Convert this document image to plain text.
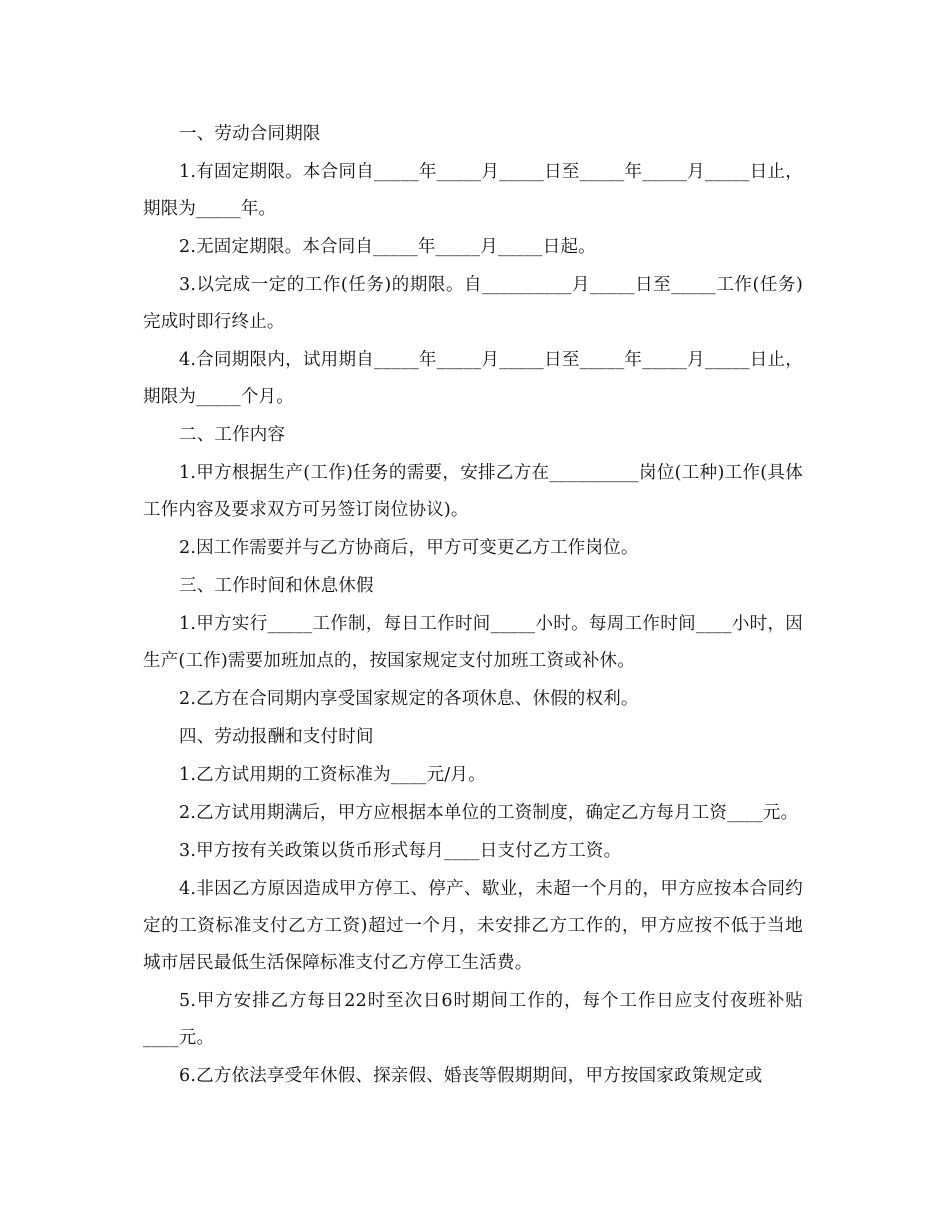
一、劳动合同期限

1.有固定期限。本合同自_____年_____月_____日至_____年_____月_____日止，期限为_____年。

2.无固定期限。本合同自_____年_____月_____日起。

3.以完成一定的工作(任务)的期限。自__________月_____日至_____工作(任务)完成时即行终止。

4.合同期限内，试用期自_____年_____月_____日至_____年_____月_____日止，期限为_____个月。

二、工作内容

1.甲方根据生产(工作)任务的需要，安排乙方在__________岗位(工种)工作(具体工作内容及要求双方可另签订岗位协议)。

2.因工作需要并与乙方协商后，甲方可变更乙方工作岗位。

三、工作时间和休息休假

1.甲方实行_____工作制，每日工作时间_____小时。每周工作时间____小时，因生产(工作)需要加班加点的，按国家规定支付加班工资或补休。

2.乙方在合同期内享受国家规定的各项休息、休假的权利。

四、劳动报酬和支付时间

1.乙方试用期的工资标准为____元/月。

2.乙方试用期满后，甲方应根据本单位的工资制度，确定乙方每月工资____元。

3.甲方按有关政策以货币形式每月____日支付乙方工资。

4.非因乙方原因造成甲方停工、停产、歇业，未超一个月的，甲方应按本合同约定的工资标准支付乙方工资)超过一个月，未安排乙方工作的，甲方应按不低于当地城市居民最低生活保障标准支付乙方停工生活费。

5.甲方安排乙方每日22时至次日6时期间工作的，每个工作日应支付夜班补贴____元。

6.乙方依法享受年休假、探亲假、婚丧等假期期间，甲方按国家政策规定或
